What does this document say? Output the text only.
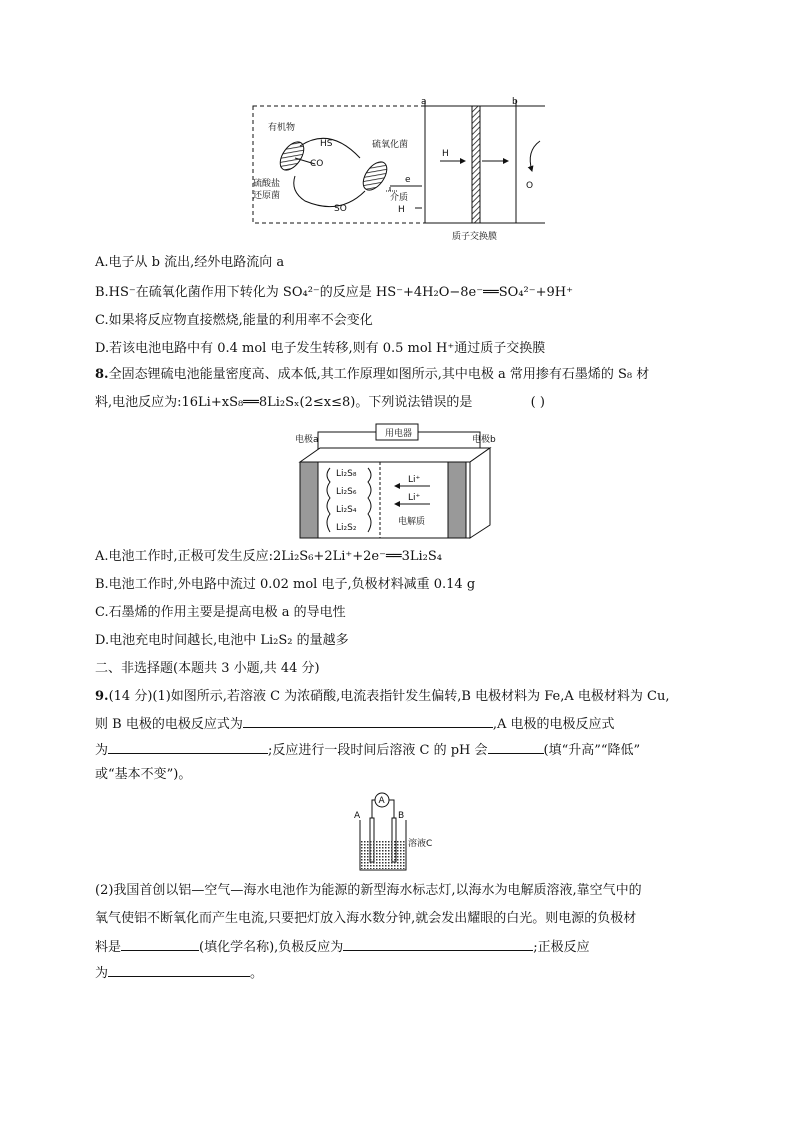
a	b
有机物
HS
CO
硫氧化菌
硫酸盐
还原菌
SO
e
介质
H
H
O
质子交换膜
A.电子从 b 流出,经外电路流向 a
B.HS⁻在硫氧化菌作用下转化为 SO₄²⁻的反应是 HS⁻+4H₂O−8e⁻══SO₄²⁻+9H⁺
C.如果将反应物直接燃烧,能量的利用率不会变化
D.若该电池电路中有 0.4 mol 电子发生转移,则有 0.5 mol H⁺通过质子交换膜
8.全固态锂硫电池能量密度高、成本低,其工作原理如图所示,其中电极 a 常用掺有石墨烯的 S₈ 材
料,电池反应为:16Li+xS₈══8Li₂Sₓ(2≤x≤8)。下列说法错误的是	( )
用电器
电极a	电极b
Li₂S₈
Li₂S₆
Li₂S₄
Li₂S₂
Li⁺
Li⁺
电解质
A.电池工作时,正极可发生反应:2Li₂S₆+2Li⁺+2e⁻══3Li₂S₄
B.电池工作时,外电路中流过 0.02 mol 电子,负极材料减重 0.14 g
C.石墨烯的作用主要是提高电极 a 的导电性
D.电池充电时间越长,电池中 Li₂S₂ 的量越多
二、非选择题(本题共 3 小题,共 44 分)
9.(14 分)(1)如图所示,若溶液 C 为浓硝酸,电流表指针发生偏转,B 电极材料为 Fe,A 电极材料为 Cu,
则 B 电极的电极反应式为	,A 电极的电极反应式
为	;反应进行一段时间后溶液 C 的 pH 会	(填“升高”“降低”
或“基本不变”)。
A
A	B
溶液C
(2)我国首创以铝—空气—海水电池作为能源的新型海水标志灯,以海水为电解质溶液,靠空气中的
氧气使铝不断氧化而产生电流,只要把灯放入海水数分钟,就会发出耀眼的白光。则电源的负极材
料是	(填化学名称),负极反应为	;正极反应
为	。
